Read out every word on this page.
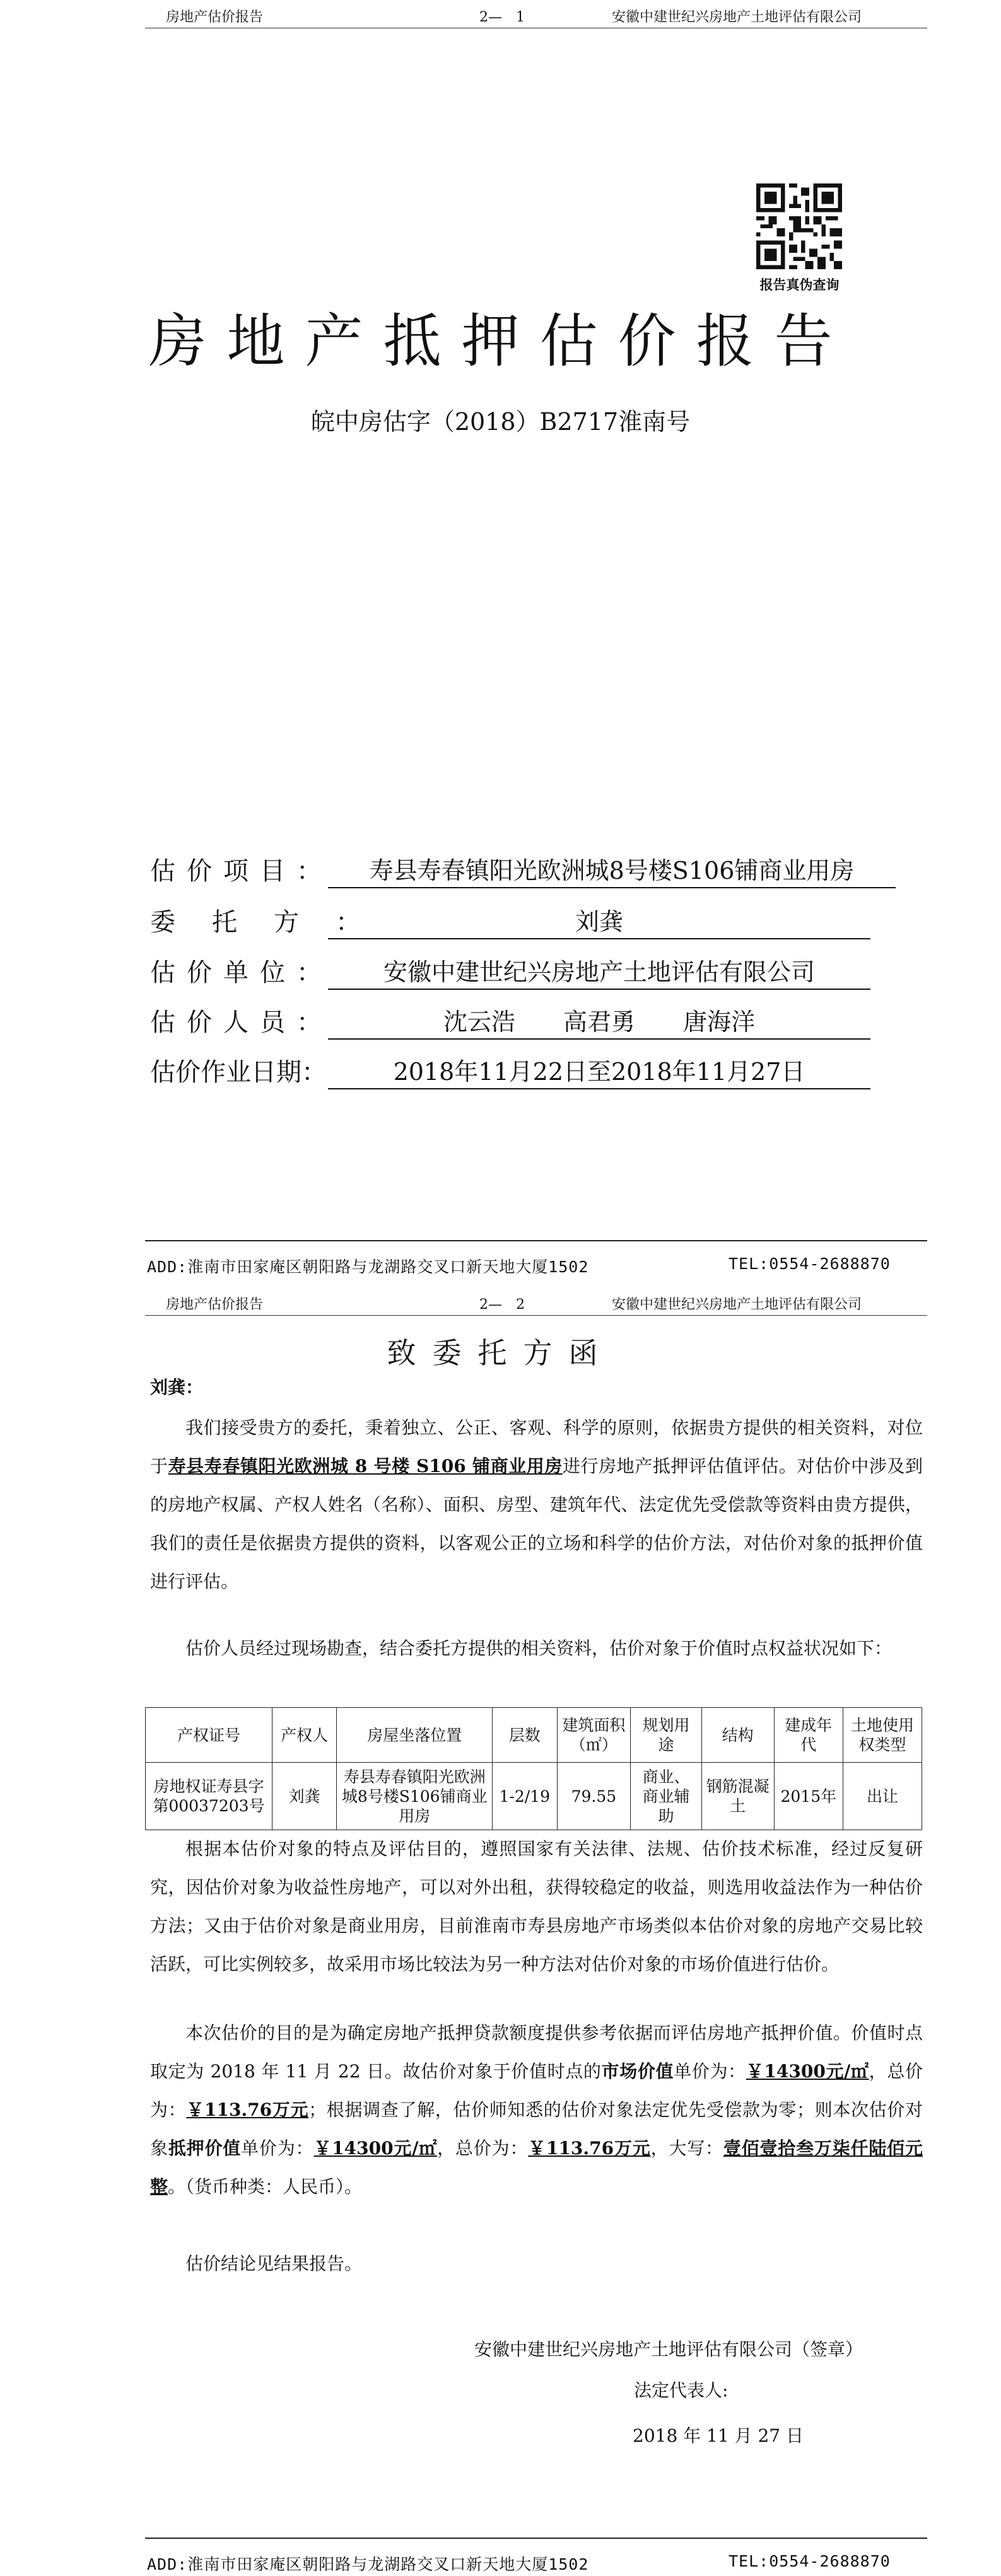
房地产估价报告	2—　1	安徽中建世纪兴房地产土地评估有限公司
报告真伪查询
房地产抵押估价报告
皖中房估字（2018）B2717淮南号
估价项目：	寿县寿春镇阳光欧洲城8号楼S106铺商业用房
委托方：	刘龚
估价单位：	安徽中建世纪兴房地产土地评估有限公司
估价人员：	沈云浩　　高君勇　　唐海洋
估价作业日期：	2018年11月22日至2018年11月27日
ADD:淮南市田家庵区朝阳路与龙湖路交叉口新天地大厦1502	TEL:0554-2688870
房地产估价报告	2—　2	安徽中建世纪兴房地产土地评估有限公司
致委托方函
刘龚：
我们接受贵方的委托，秉着独立、公正、客观、科学的原则，依据贵方提供的相关资料，对位于寿县寿春镇阳光欧洲城 8 号楼 S106 铺商业用房进行房地产抵押评估值评估。对估价中涉及到的房地产权属、产权人姓名（名称）、面积、房型、建筑年代、法定优先受偿款等资料由贵方提供，我们的责任是依据贵方提供的资料，以客观公正的立场和科学的估价方法，对估价对象的抵押价值进行评估。
估价人员经过现场勘查，结合委托方提供的相关资料，估价对象于价值时点权益状况如下：
产权证号	产权人	房屋坐落位置	层数	建筑面积（㎡）	规划用途	结构	建成年代	土地使用权类型
房地权证寿县字第00037203号	刘龚	寿县寿春镇阳光欧洲城8号楼S106铺商业用房	1-2/19	79.55	商业、商业辅助	钢筋混凝土	2015年	出让
根据本估价对象的特点及评估目的，遵照国家有关法律、法规、估价技术标准，经过反复研究，因估价对象为收益性房地产，可以对外出租，获得较稳定的收益，则选用收益法作为一种估价方法；又由于估价对象是商业用房，目前淮南市寿县房地产市场类似本估价对象的房地产交易比较活跃，可比实例较多，故采用市场比较法为另一种方法对估价对象的市场价值进行估价。
本次估价的目的是为确定房地产抵押贷款额度提供参考依据而评估房地产抵押价值。价值时点取定为 2018 年 11 月 22 日。故估价对象于价值时点的市场价值单价为：￥14300元/㎡，总价为：￥113.76万元；根据调查了解，估价师知悉的估价对象法定优先受偿款为零；则本次估价对象抵押价值单价为：￥14300元/㎡，总价为：￥113.76万元，大写：壹佰壹拾叁万柒仟陆佰元整。（货币种类：人民币）。
估价结论见结果报告。
安徽中建世纪兴房地产土地评估有限公司（签章）
法定代表人:
2018 年 11 月 27 日
ADD:淮南市田家庵区朝阳路与龙湖路交叉口新天地大厦1502	TEL:0554-2688870
